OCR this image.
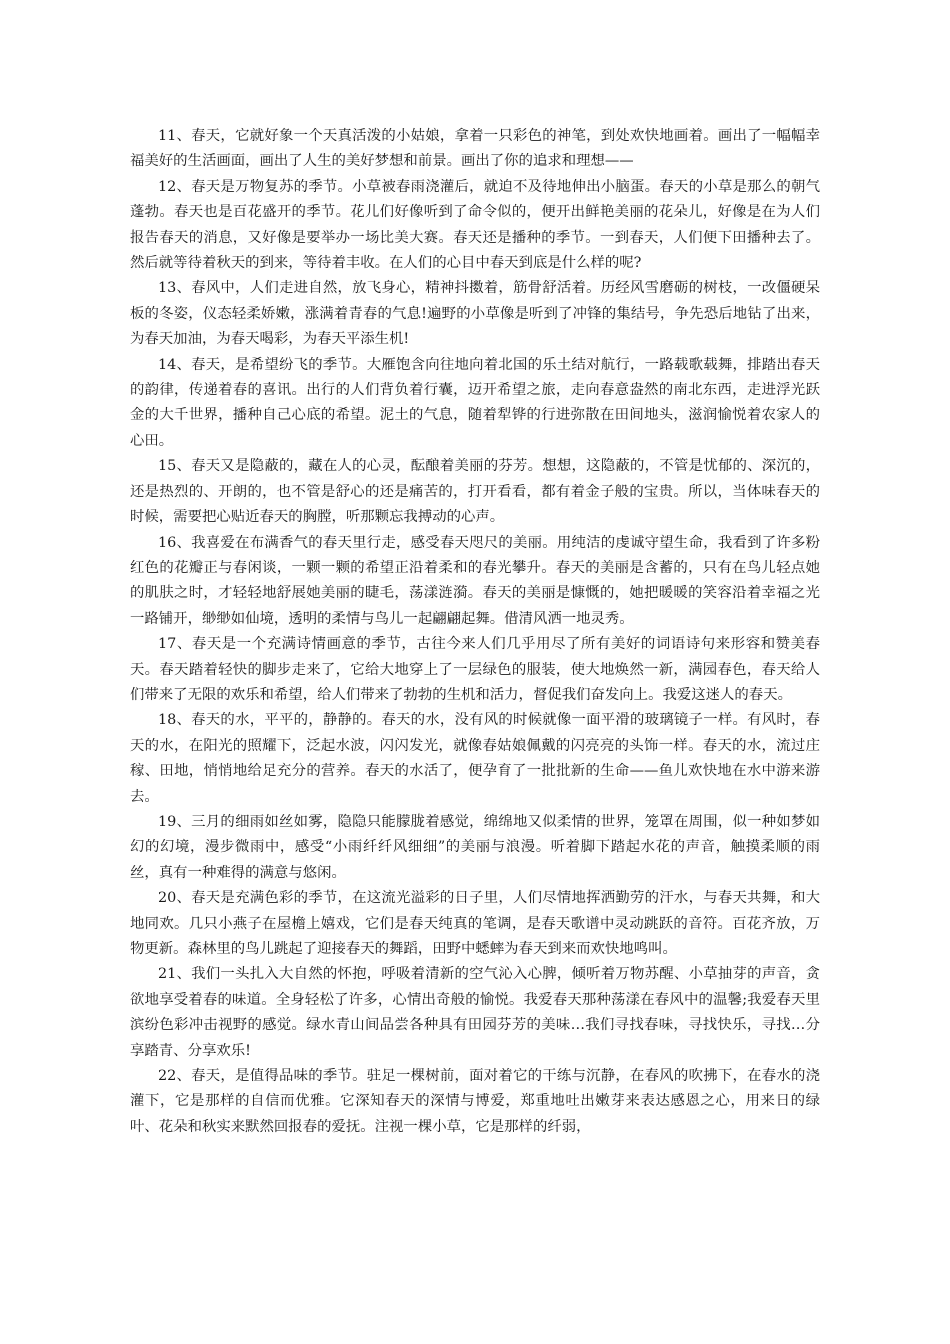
11、春天，它就好象一个天真活泼的小姑娘，拿着一只彩色的神笔，到处欢快地画着。画出了一幅幅幸福美好的生活画面，画出了人生的美好梦想和前景。画出了你的追求和理想——

12、春天是万物复苏的季节。小草被春雨浇灌后，就迫不及待地伸出小脑蛋。春天的小草是那么的朝气蓬勃。春天也是百花盛开的季节。花儿们好像听到了命令似的，便开出鲜艳美丽的花朵儿，好像是在为人们报告春天的消息，又好像是要举办一场比美大赛。春天还是播种的季节。一到春天，人们便下田播种去了。然后就等待着秋天的到来，等待着丰收。在人们的心目中春天到底是什么样的呢?

13、春风中，人们走进自然，放飞身心，精神抖擞着，筋骨舒活着。历经风雪磨砺的树枝，一改僵硬呆板的冬姿，仪态轻柔娇嫩，涨满着青春的气息!遍野的小草像是听到了冲锋的集结号，争先恐后地钻了出来，为春天加油，为春天喝彩，为春天平添生机!

14、春天，是希望纷飞的季节。大雁饱含向往地向着北国的乐土结对航行，一路载歌载舞，排踏出春天的韵律，传递着春的喜讯。出行的人们背负着行囊，迈开希望之旅，走向春意盎然的南北东西，走进浮光跃金的大千世界，播种自己心底的希望。泥土的气息，随着犁铧的行进弥散在田间地头，滋润愉悦着农家人的心田。

15、春天又是隐蔽的，藏在人的心灵，酝酿着美丽的芬芳。想想，这隐蔽的，不管是忧郁的、深沉的，还是热烈的、开朗的，也不管是舒心的还是痛苦的，打开看看，都有着金子般的宝贵。所以，当体味春天的时候，需要把心贴近春天的胸膛，听那颗忘我搏动的心声。

16、我喜爱在布满香气的春天里行走，感受春天咫尺的美丽。用纯洁的虔诚守望生命，我看到了许多粉红色的花瓣正与春闲谈，一颗一颗的希望正沿着柔和的春光攀升。春天的美丽是含蓄的，只有在鸟儿轻点她的肌肤之时，才轻轻地舒展她美丽的睫毛，荡漾涟漪。春天的美丽是慷慨的，她把暖暖的笑容沿着幸福之光一路铺开，缈缈如仙境，透明的柔情与鸟儿一起翩翩起舞。借清风洒一地灵秀。

17、春天是一个充满诗情画意的季节，古往今来人们几乎用尽了所有美好的词语诗句来形容和赞美春天。春天踏着轻快的脚步走来了，它给大地穿上了一层绿色的服装，使大地焕然一新，满园春色，春天给人们带来了无限的欢乐和希望，给人们带来了勃勃的生机和活力，督促我们奋发向上。我爱这迷人的春天。

18、春天的水，平平的，静静的。春天的水，没有风的时候就像一面平滑的玻璃镜子一样。有风时，春天的水，在阳光的照耀下，泛起水波，闪闪发光，就像春姑娘佩戴的闪亮亮的头饰一样。春天的水，流过庄稼、田地，悄悄地给足充分的营养。春天的水活了，便孕育了一批批新的生命——鱼儿欢快地在水中游来游去。

19、三月的细雨如丝如雾，隐隐只能朦胧着感觉，绵绵地又似柔情的世界，笼罩在周围，似一种如梦如幻的幻境，漫步微雨中，感受“小雨纤纤风细细”的美丽与浪漫。听着脚下踏起水花的声音，触摸柔顺的雨丝，真有一种难得的满意与悠闲。

20、春天是充满色彩的季节，在这流光溢彩的日子里，人们尽情地挥洒勤劳的汗水，与春天共舞，和大地同欢。几只小燕子在屋檐上嬉戏，它们是春天纯真的笔调，是春天歌谱中灵动跳跃的音符。百花齐放，万物更新。森林里的鸟儿跳起了迎接春天的舞蹈，田野中蟋蟀为春天到来而欢快地鸣叫。

21、我们一头扎入大自然的怀抱，呼吸着清新的空气沁入心脾，倾听着万物苏醒、小草抽芽的声音，贪欲地享受着春的味道。全身轻松了许多，心情出奇般的愉悦。我爱春天那种荡漾在春风中的温馨;我爱春天里滨纷色彩冲击视野的感觉。绿水青山间品尝各种具有田园芬芳的美味…我们寻找春味，寻找快乐，寻找…分享踏青、分享欢乐!

22、春天，是值得品味的季节。驻足一棵树前，面对着它的干练与沉静，在春风的吹拂下，在春水的浇灌下，它是那样的自信而优雅。它深知春天的深情与博爱，郑重地吐出嫩芽来表达感恩之心，用来日的绿叶、花朵和秋实来默然回报春的爱抚。注视一棵小草，它是那样的纤弱，
